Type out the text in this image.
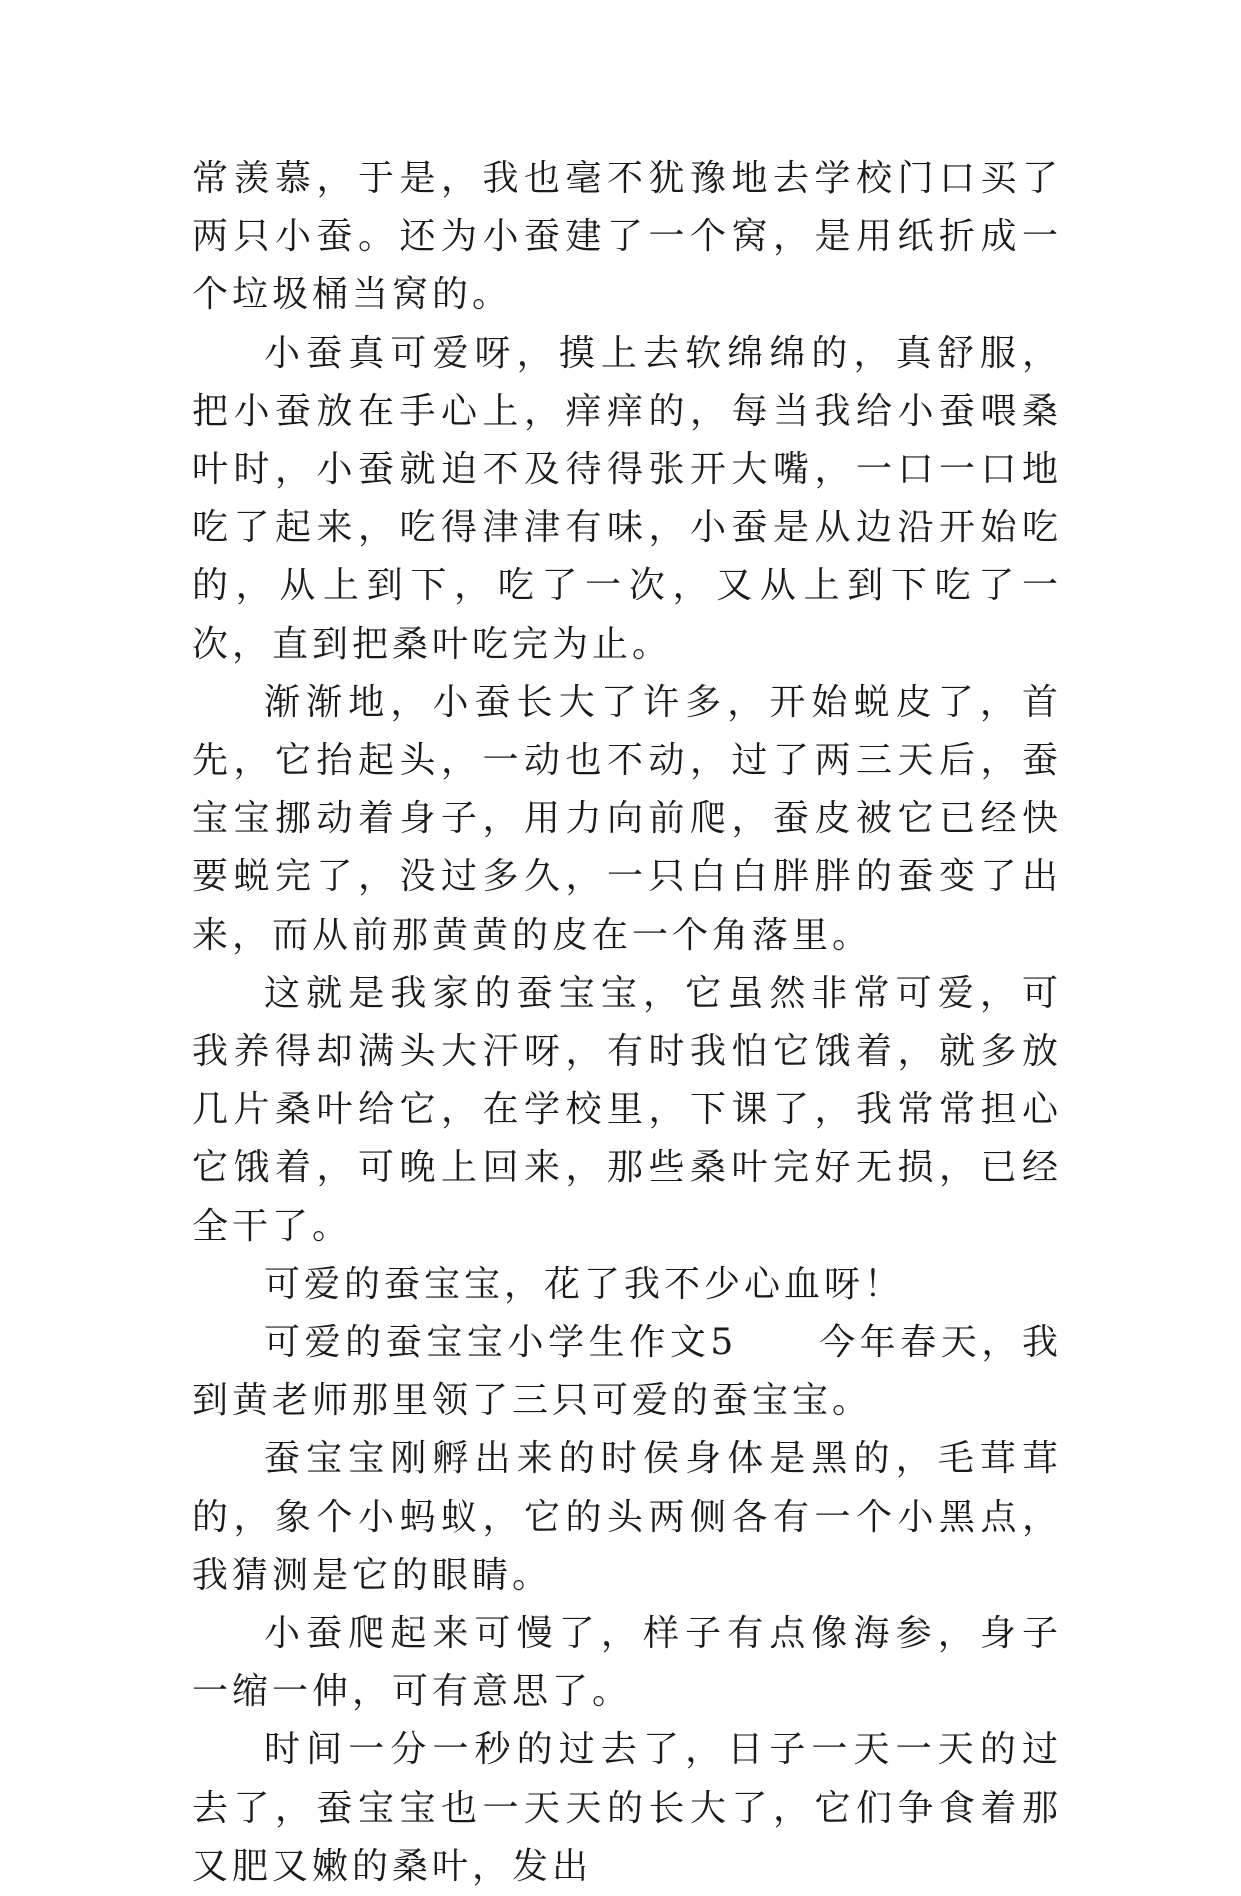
常羡慕，于是，我也毫不犹豫地去学校门口买了两只小蚕。还为小蚕建了一个窝，是用纸折成一个垃圾桶当窝的。

小蚕真可爱呀，摸上去软绵绵的，真舒服，把小蚕放在手心上，痒痒的，每当我给小蚕喂桑叶时，小蚕就迫不及待得张开大嘴，一口一口地吃了起来，吃得津津有味，小蚕是从边沿开始吃的，从上到下，吃了一次，又从上到下吃了一次，直到把桑叶吃完为止。

渐渐地，小蚕长大了许多，开始蜕皮了，首先，它抬起头，一动也不动，过了两三天后，蚕宝宝挪动着身子，用力向前爬，蚕皮被它已经快要蜕完了，没过多久，一只白白胖胖的蚕变了出来，而从前那黄黄的皮在一个角落里。

这就是我家的蚕宝宝，它虽然非常可爱，可我养得却满头大汗呀，有时我怕它饿着，就多放几片桑叶给它，在学校里，下课了，我常常担心它饿着，可晚上回来，那些桑叶完好无损，已经全干了。

可爱的蚕宝宝，花了我不少心血呀！

可爱的蚕宝宝小学生作文5　　今年春天，我到黄老师那里领了三只可爱的蚕宝宝。

蚕宝宝刚孵出来的时侯身体是黑的，毛茸茸的，象个小蚂蚁，它的头两侧各有一个小黑点，我猜测是它的眼睛。

小蚕爬起来可慢了，样子有点像海参，身子一缩一伸，可有意思了。

时间一分一秒的过去了，日子一天一天的过去了，蚕宝宝也一天天的长大了，它们争食着那又肥又嫩的桑叶，发出
